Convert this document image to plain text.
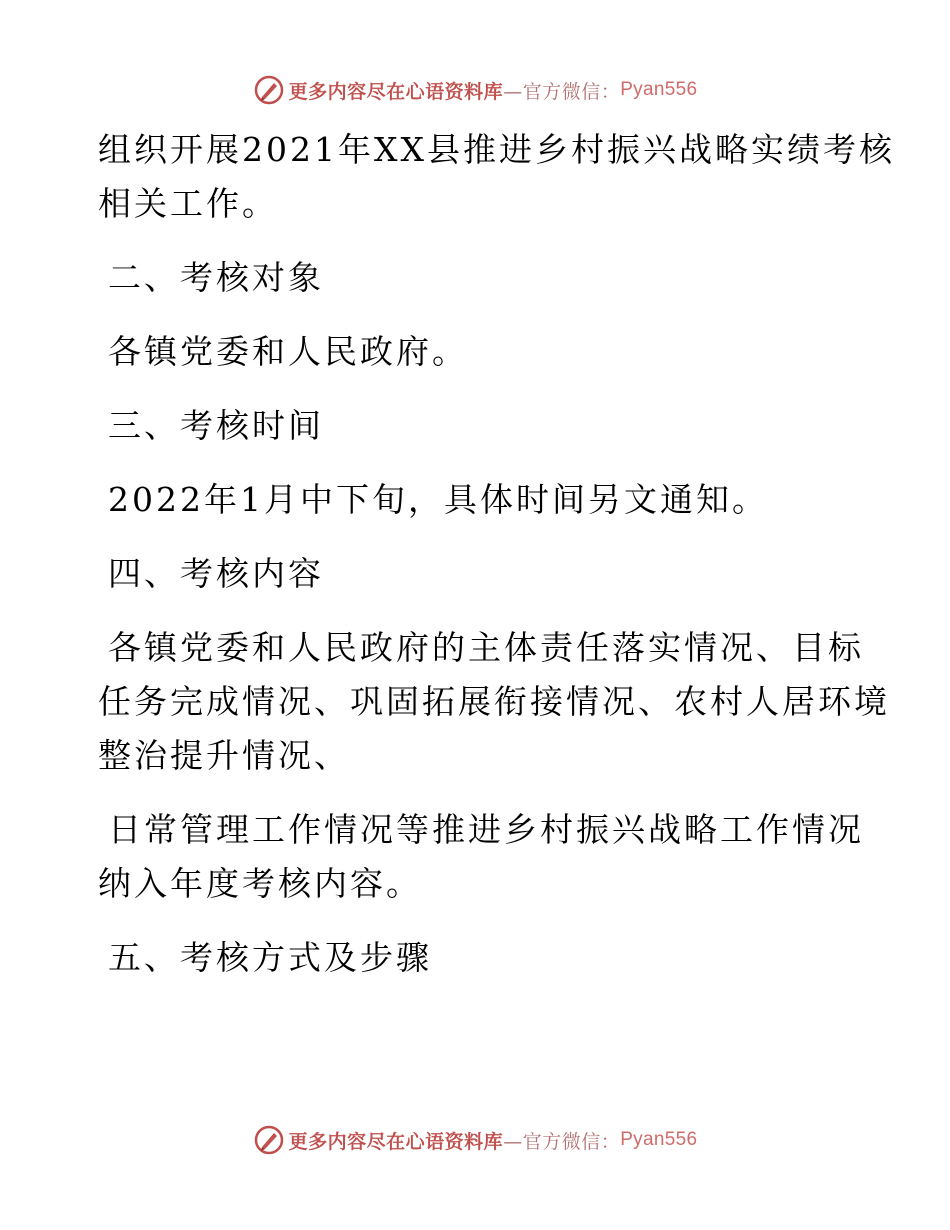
更多内容尽在心语资料库 —官方微信： Pyan556

组织开展2021年XX县推进乡村振兴战略实绩考核

相关工作。

二、考核对象

各镇党委和人民政府。

三、考核时间

2022年1月中下旬，具体时间另文通知。

四、考核内容

各镇党委和人民政府的主体责任落实情况、目标

任务完成情况、巩固拓展衔接情况、农村人居环境

整治提升情况、

日常管理工作情况等推进乡村振兴战略工作情况

纳入年度考核内容。

五、考核方式及步骤

更多内容尽在心语资料库 —官方微信： Pyan556
